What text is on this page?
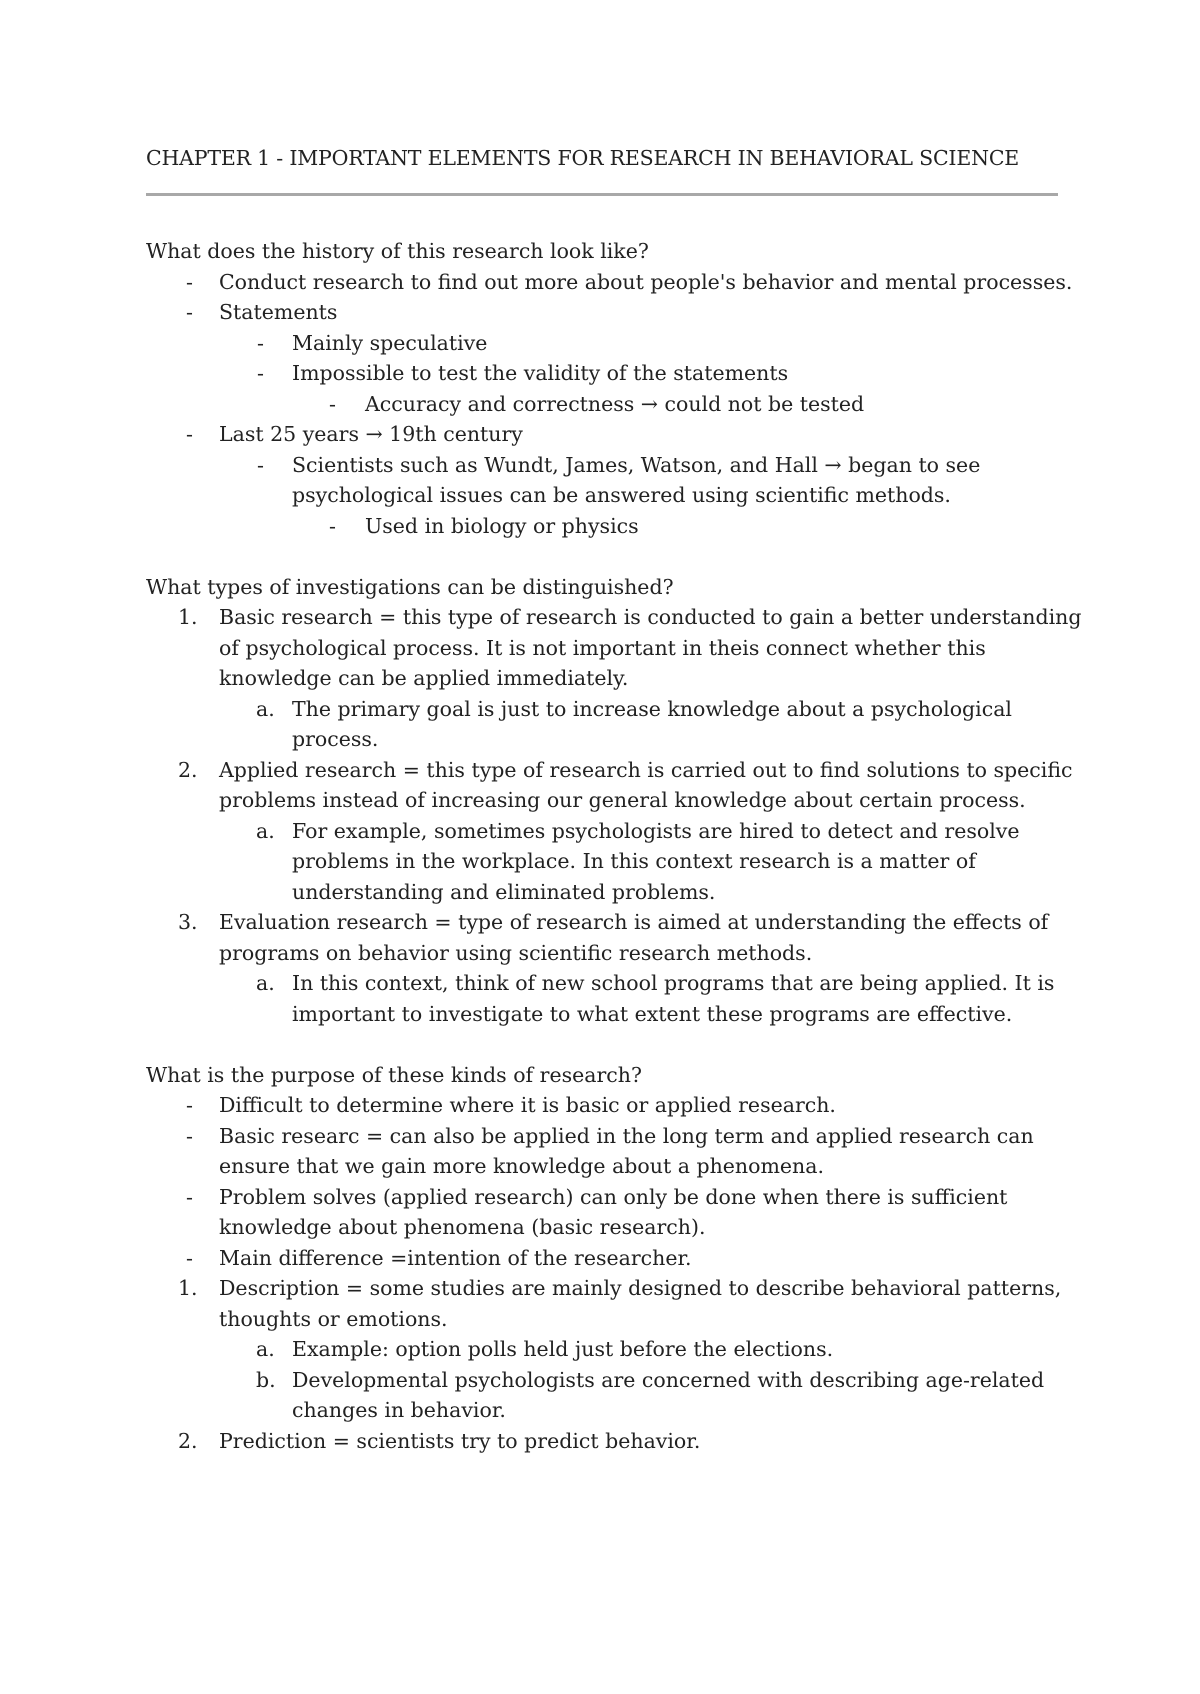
CHAPTER 1 - IMPORTANT ELEMENTS FOR RESEARCH IN BEHAVIORAL SCIENCE

What does the history of this research look like?

- Conduct research to find out more about people's behavior and mental processes.
- Statements
- Mainly speculative
- Impossible to test the validity of the statements
- Accuracy and correctness → could not be tested
- Last 25 years → 19th century
- Scientists such as Wundt, James, Watson, and Hall → began to see psychological issues can be answered using scientific methods.
- Used in biology or physics

What types of investigations can be distinguished?

1. Basic research = this type of research is conducted to gain a better understanding of psychological process. It is not important in theis connect whether this knowledge can be applied immediately.
a. The primary goal is just to increase knowledge about a psychological process.
2. Applied research = this type of research is carried out to find solutions to specific problems instead of increasing our general knowledge about certain process.
a. For example, sometimes psychologists are hired to detect and resolve problems in the workplace. In this context research is a matter of understanding and eliminated problems.
3. Evaluation research = type of research is aimed at understanding the effects of programs on behavior using scientific research methods.
a. In this context, think of new school programs that are being applied. It is important to investigate to what extent these programs are effective.

What is the purpose of these kinds of research?

- Difficult to determine where it is basic or applied research.
- Basic researc = can also be applied in the long term and applied research can ensure that we gain more knowledge about a phenomena.
- Problem solves (applied research) can only be done when there is sufficient knowledge about phenomena (basic research).
- Main difference =intention of the researcher.
1. Description = some studies are mainly designed to describe behavioral patterns, thoughts or emotions.
a. Example: option polls held just before the elections.
b. Developmental psychologists are concerned with describing age-related changes in behavior.
2. Prediction = scientists try to predict behavior.
